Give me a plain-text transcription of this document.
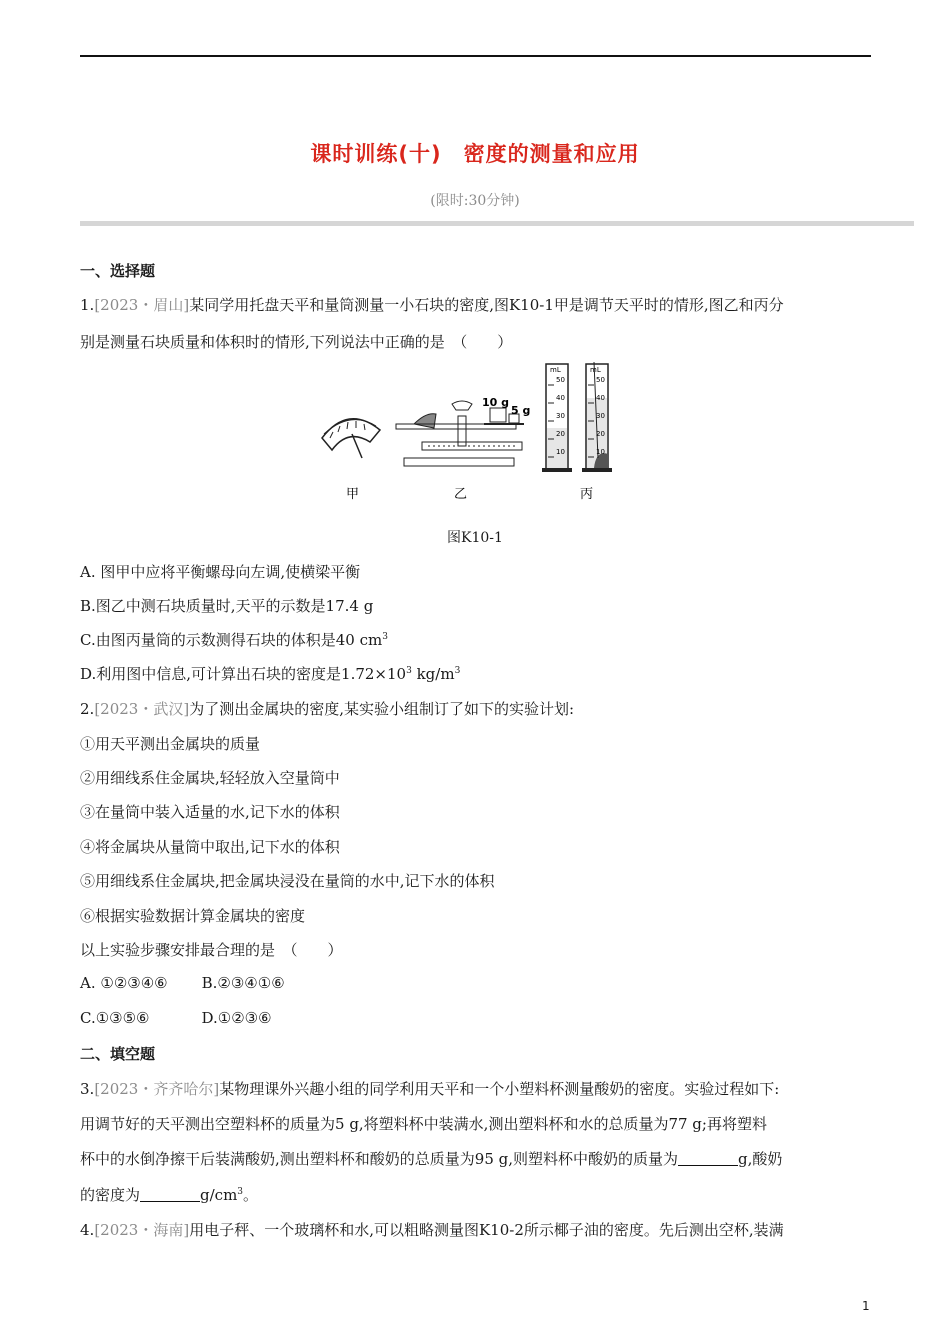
课时训练(十)　密度的测量和应用
(限时:30分钟)
一、选择题
1.[2023・眉山]某同学用托盘天平和量筒测量一小石块的密度,图K10-1甲是调节天平时的情形,图乙和丙分
别是测量石块质量和体积时的情形,下列说法中正确的是　（　　）
甲
10 g
5 g
乙
mL	mL
50
40
30
20
10
50
40
30
20
10
丙
图K10-1
A. 图甲中应将平衡螺母向左调,使横梁平衡
B.图乙中测石块质量时,天平的示数是17.4 g
C.由图丙量筒的示数测得石块的体积是40 $cm^3$
D.利用图中信息,可计算出石块的密度是$1.72\times 10^3$ $kg/m^3$
2.[2023・武汉]为了测出金属块的密度,某实验小组制订了如下的实验计划:
①用天平测出金属块的质量
②用细线系住金属块,轻轻放入空量筒中
③在量筒中装入适量的水,记下水的体积
④将金属块从量筒中取出,记下水的体积
⑤用细线系住金属块,把金属块浸没在量筒的水中,记下水的体积
⑥根据实验数据计算金属块的密度
以上实验步骤安排最合理的是　（　　）
A. ①②③④⑥ B.②③④①⑥
C.①③⑤⑥	D.①②③⑥
二、填空题
3.[2023・齐齐哈尔]某物理课外兴趣小组的同学利用天平和一个小塑料杯测量酸奶的密度。实验过程如下:
用调节好的天平测出空塑料杯的质量为5 g,将塑料杯中装满水,测出塑料杯和水的总质量为77 g;再将塑料
杯中的水倒净擦干后装满酸奶,测出塑料杯和酸奶的总质量为95 g,则塑料杯中酸奶的质量为	g,酸奶
的密度为	$g/cm^3$。
4.[2023・海南]用电子秤、一个玻璃杯和水,可以粗略测量图K10-2所示椰子油的密度。先后测出空杯,装满
1
